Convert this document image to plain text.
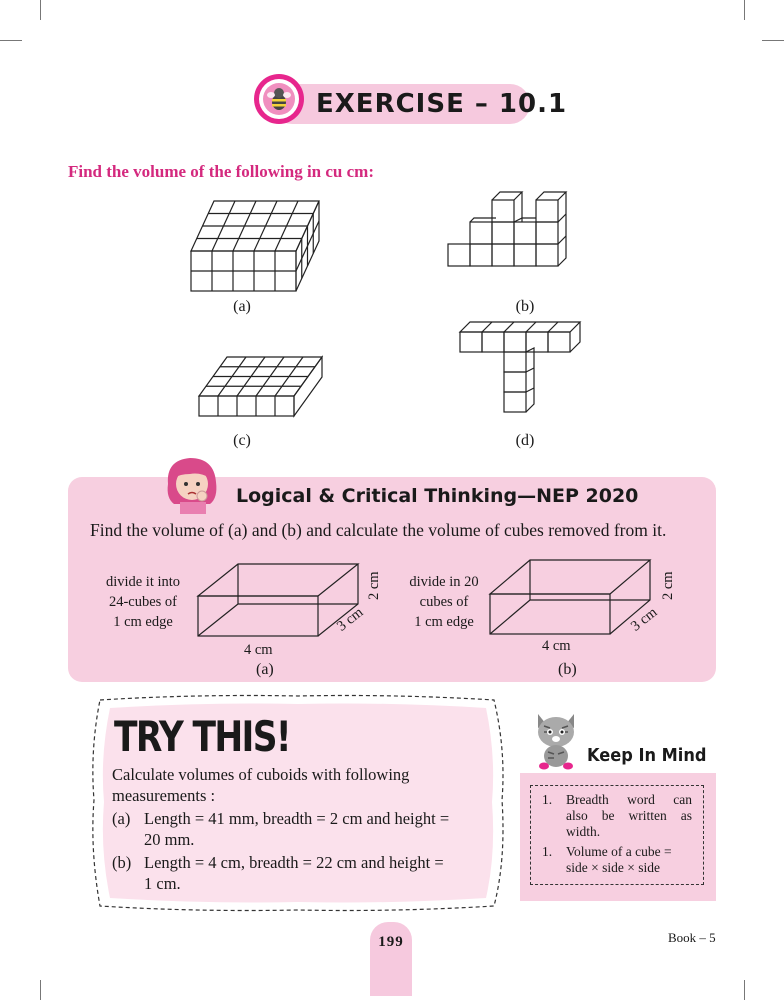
EXERCISE – 10.1
Find the volume of the following in cu cm:
(a)	(b)
(c)	(d)
Logical & Critical Thinking—NEP 2020
Find the volume of (a) and (b) and calculate the volume of cubes removed from it.
divide it into
24-cubes of
1 cm edge
4 cm
3 cm
2 cm
(a)
divide in 20
cubes of
1 cm edge
4 cm
3 cm
2 cm
(b)
TRY THIS!
Calculate volumes of cuboids with following
measurements :
(a) Length = 41 mm, breadth = 2 cm and height =
20 mm.
(b) Length = 4 cm, breadth = 22 cm and height =
1 cm.
Keep In Mind
1. Breadth word can
also be written as
width.
1. Volume of a cube =
side × side × side
199	Book – 5
